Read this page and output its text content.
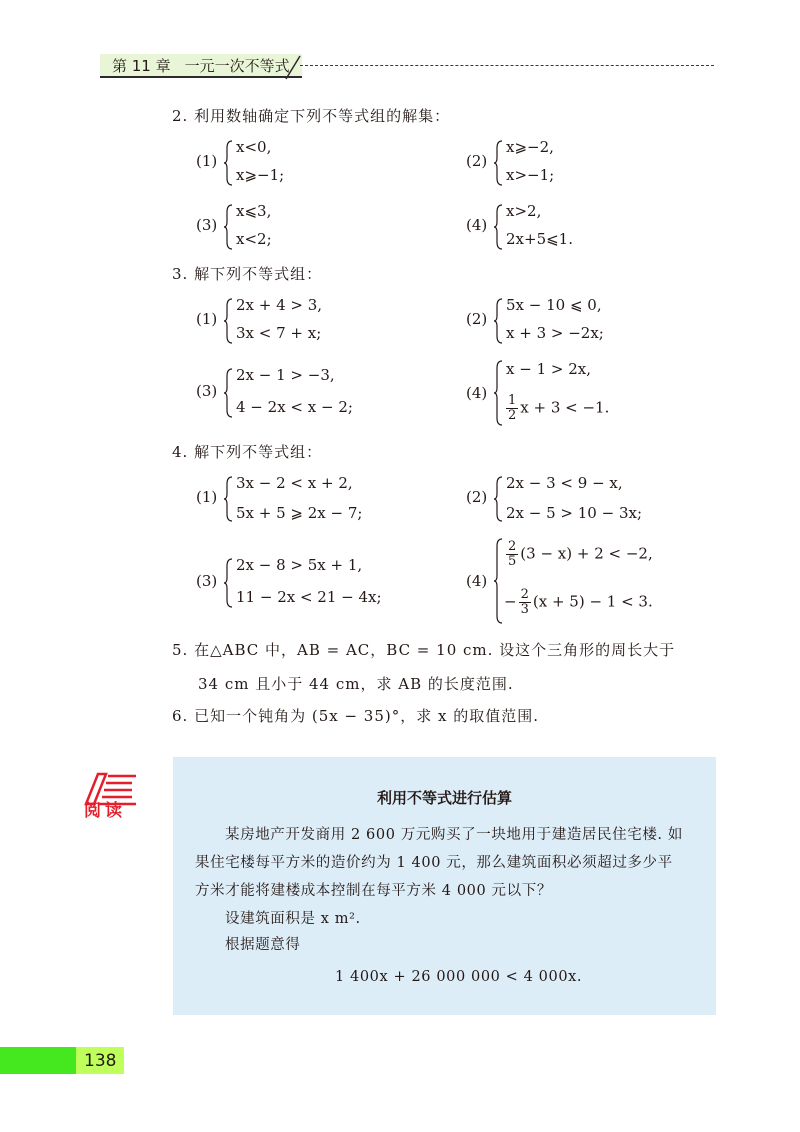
第 11 章 一元一次不等式
2. 利用数轴确定下列不等式组的解集：
(1)
x<0,
x⩾−1;
(2)
x⩾−2,
x>−1;
(3)
x⩽3,
x<2;
(4)
x>2,
2x+5⩽1.
3. 解下列不等式组：
(1)
2x + 4 > 3,
3x < 7 + x;
(2)
5x − 10 ⩽ 0,
x + 3 > −2x;
(3)
2x − 1 > −3,
4 − 2x < x − 2;
(4)
x − 1 > 2x,
$\frac{1}{2}$ x + 3 < −1.
4. 解下列不等式组：
(1)
3x − 2 < x + 2,
5x + 5 ⩾ 2x − 7;
(2)
2x − 3 < 9 − x,
2x − 5 > 10 − 3x;
(3)
2x − 8 > 5x + 1,
11 − 2x < 21 − 4x;
(4)
$\frac{2}{5} (3 - x) + 2 < -2$,
− $\frac{2}{3} (x + 5) - 1 < 3$.
5. 在△ABC 中，AB = AC，BC = 10 cm. 设这个三角形的周长大于
34 cm 且小于 44 cm，求 AB 的长度范围.
6. 已知一个钝角为 (5x − 35)°，求 x 的取值范围.
阅读
利用不等式进行估算
某房地产开发商用 2 600 万元购买了一块地用于建造居民住宅楼. 如
果住宅楼每平方米的造价约为 1 400 元，那么建筑面积必须超过多少平
方米才能将建楼成本控制在每平方米 4 000 元以下？
设建筑面积是 x m².
根据题意得
1 400x + 26 000 000 < 4 000x.
138
